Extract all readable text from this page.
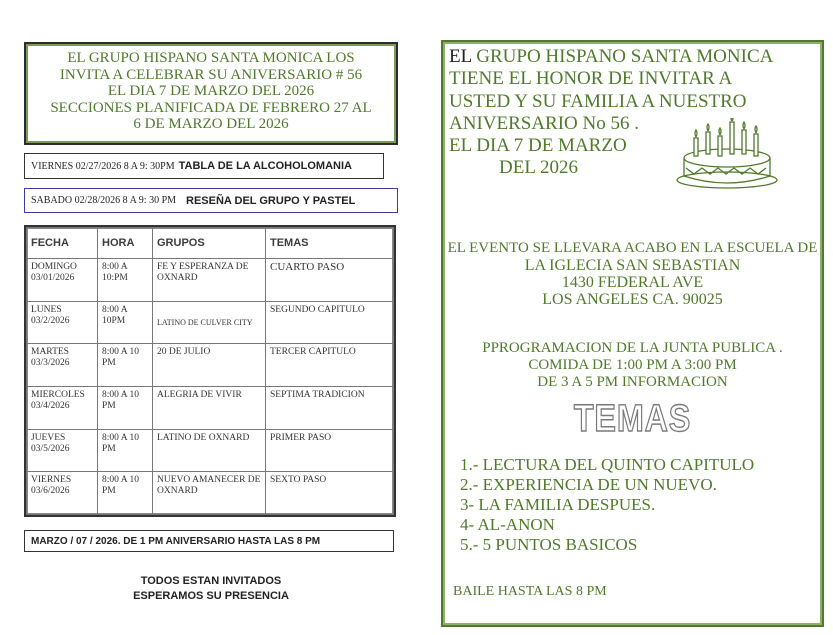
EL GRUPO HISPANO SANTA MONICA LOS
INVITA A CELEBRAR SU ANIVERSARIO # 56
EL DIA 7 DE MARZO DEL 2026
SECCIONES PLANIFICADA DE FEBRERO 27 AL
6 DE MARZO DEL 2026
VIERNES 02/27/2026 8 A 9: 30PM TABLA DE LA ALCOHOLOMANIA
SABADO 02/28/2026 8 A 9: 30 PM RESEÑA DEL GRUPO Y PASTEL
FECHA	HORA	GRUPOS	TEMAS
DOMINGO 03/01/2026	8:00 A 10:PM	FE Y ESPERANZA DE OXNARD	CUARTO PASO
LUNES 03/2/2026	8:00 A 10PM	LATINO DE CULVER CITY	SEGUNDO CAPITULO
MARTES 03/3/2026	8:00 A 10 PM	20 DE JULIO	TERCER CAPITULO
MIERCOLES 03/4/2026	8:00 A 10 PM	ALEGRIA DE VIVIR	SEPTIMA TRADICION
JUEVES 03/5/2026	8:00 A 10 PM	LATINO DE OXNARD	PRIMER PASO
VIERNES 03/6/2026	8:00 A 10 PM	NUEVO AMANECER DE OXNARD	SEXTO PASO
MARZO / 07 / 2026. DE 1 PM ANIVERSARIO HASTA LAS 8 PM
TODOS ESTAN INVITADOS
ESPERAMOS SU PRESENCIA
EL GRUPO HISPANO SANTA MONICA
TIENE EL HONOR DE INVITAR A
USTED Y SU FAMILIA A NUESTRO
ANIVERSARIO No 56 .
EL DIA 7 DE MARZO
DEL 2026
EL EVENTO SE LLEVARA ACABO EN LA ESCUELA DE
LA IGLECIA SAN SEBASTIAN
1430 FEDERAL AVE
LOS ANGELES CA. 90025
PPROGRAMACION DE LA JUNTA PUBLICA .
COMIDA DE 1:00 PM A 3:00 PM
DE 3 A 5 PM INFORMACION
TEMAS
1.- LECTURA DEL QUINTO CAPITULO
2.- EXPERIENCIA DE UN NUEVO.
3- LA FAMILIA DESPUES.
4- AL-ANON
5.- 5 PUNTOS BASICOS
BAILE HASTA LAS 8 PM
